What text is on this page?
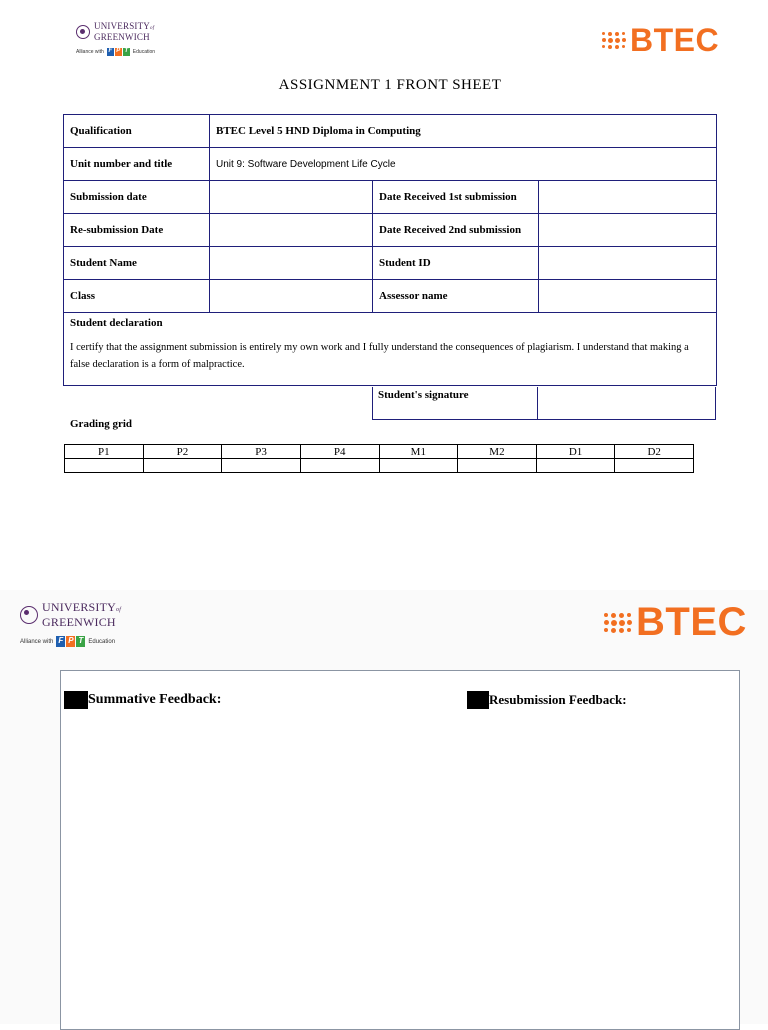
UNIVERSITYof
GREENWICH
Alliance with F P T Education	BTEC
ASSIGNMENT 1 FRONT SHEET
Qualification	BTEC Level 5 HND Diploma in Computing		
Unit number and title	Unit 9: Software Development Life Cycle		
Submission date		Date Received 1st submission	
Re-submission Date		Date Received 2nd submission	
Student Name		Student ID	
Class		Assessor name	

Student declaration
I certify that the assignment submission is entirely my own work and I fully understand the consequences of plagiarism. I understand that making a false declaration is a form of malpractice.			
Student's signature
Grading grid
P1	P2	P3	P4	M1	M2	D1	D2

UNIVERSITYof
GREENWICH
Alliance with F P T Education	BTEC
Summative Feedback:	Resubmission Feedback:
